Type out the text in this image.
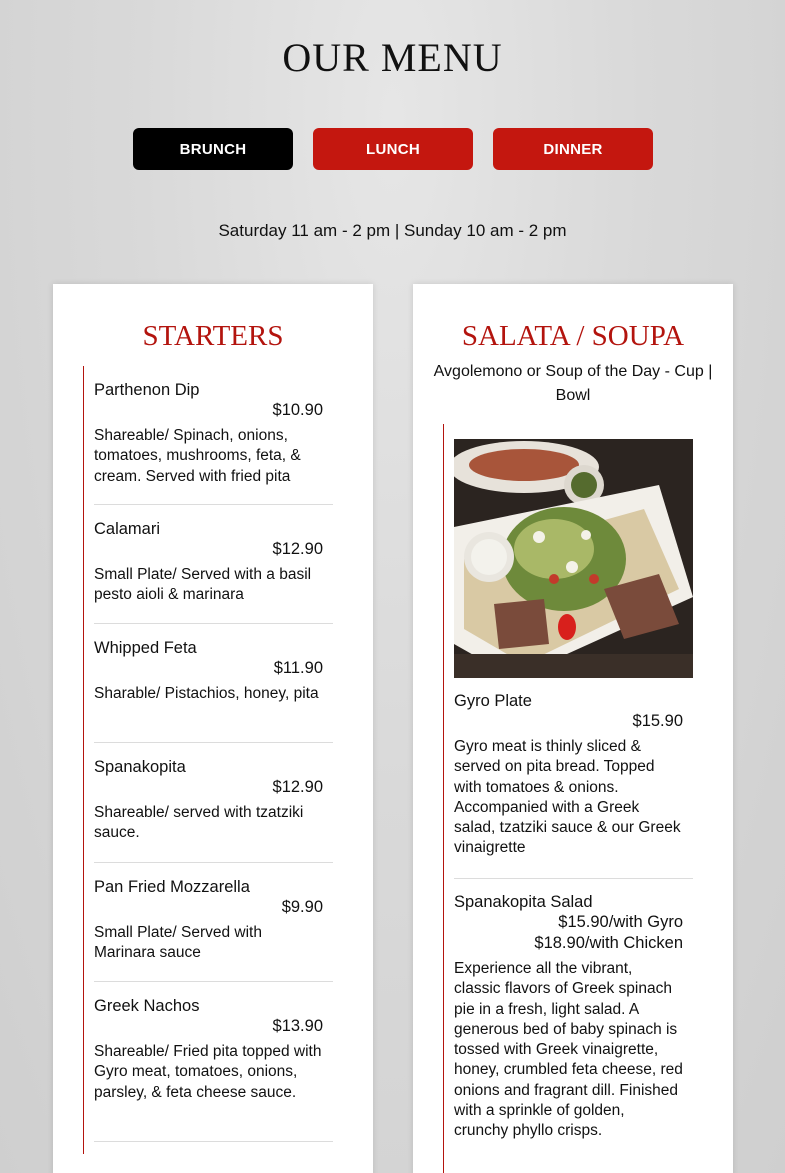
OUR MENU
BRUNCH	LUNCH	DINNER
Saturday 11 am - 2 pm | Sunday 10 am - 2 pm
STARTERS
Parthenon Dip
$10.90
Shareable/ Spinach, onions, tomatoes, mushrooms, feta, & cream. Served with fried pita
Calamari
$12.90
Small Plate/ Served with a basil pesto aioli & marinara
Whipped Feta
$11.90
Sharable/ Pistachios, honey, pita
Spanakopita
$12.90
Shareable/ served with tzatziki sauce.
Pan Fried Mozzarella
$9.90
Small Plate/ Served with Marinara sauce
Greek Nachos
$13.90
Shareable/ Fried pita topped with Gyro meat, tomatoes, onions, parsley, & feta cheese sauce.
SALATA / SOUPA
Avgolemono or Soup of the Day - Cup | Bowl
Gyro Plate
$15.90
Gyro meat is thinly sliced & served on pita bread. Topped with tomatoes & onions. Accompanied with a Greek salad, tzatziki sauce & our Greek vinaigrette
Spanakopita Salad
$15.90/with Gyro
$18.90/with Chicken
Experience all the vibrant, classic flavors of Greek spinach pie in a fresh, light salad. A generous bed of baby spinach is tossed with Greek vinaigrette, honey, crumbled feta cheese, red onions and fragrant dill. Finished with a sprinkle of golden, crunchy phyllo crisps.
